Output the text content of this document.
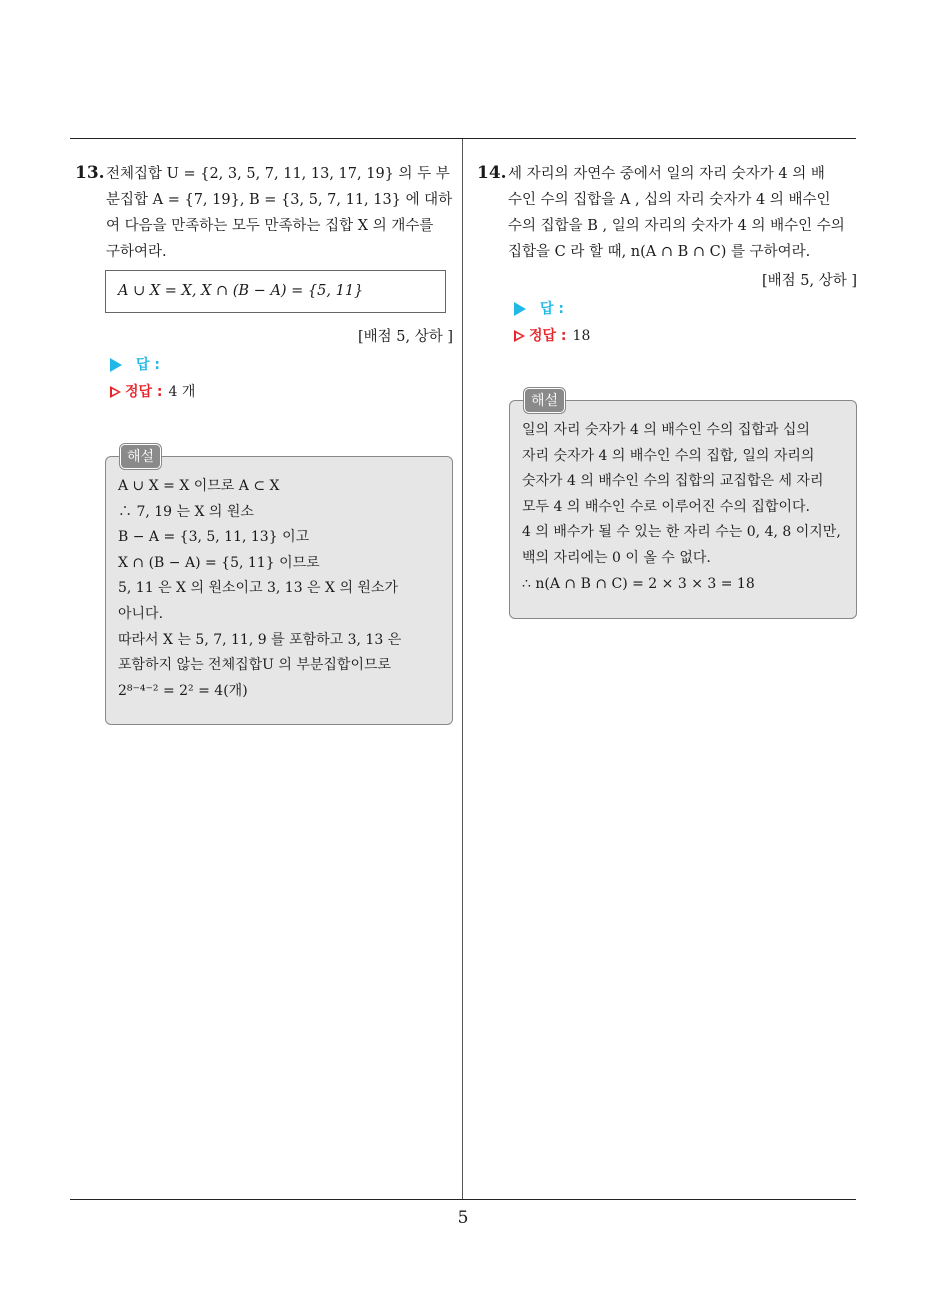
5
13. 전체집합 U = {2, 3, 5, 7, 11, 13, 17, 19} 의 두 부
분집합 A = {7, 19}, B = {3, 5, 7, 11, 13} 에 대하
여 다음을 만족하는 모두 만족하는 집합 X 의 개수를
구하여라.
A ∪ X = X, X ∩ (B − A) = {5, 11}
[배점 5, 상하 ]
답 :
정답 : 4 개
해설
A ∪ X = X 이므로 A ⊂ X
∴ 7, 19 는 X 의 원소
B − A = {3, 5, 11, 13} 이고
X ∩ (B − A) = {5, 11} 이므로
5, 11 은 X 의 원소이고 3, 13 은 X 의 원소가
아니다.
따라서 X 는 5, 7, 11, 9 를 포함하고 3, 13 은
포함하지 않는 전체집합U 의 부분집합이므로
2⁸⁻⁴⁻² = 2² = 4(개)
14. 세 자리의 자연수 중에서 일의 자리 숫자가 4 의 배
수인 수의 집합을 A , 십의 자리 숫자가 4 의 배수인
수의 집합을 B , 일의 자리의 숫자가 4 의 배수인 수의
집합을 C 라 할 때, n(A ∩ B ∩ C) 를 구하여라.
[배점 5, 상하 ]
답 :
정답 : 18
해설
일의 자리 숫자가 4 의 배수인 수의 집합과 십의
자리 숫자가 4 의 배수인 수의 집합, 일의 자리의
숫자가 4 의 배수인 수의 집합의 교집합은 세 자리
모두 4 의 배수인 수로 이루어진 수의 집합이다.
4 의 배수가 될 수 있는 한 자리 수는 0, 4, 8 이지만,
백의 자리에는 0 이 올 수 없다.
∴ n(A ∩ B ∩ C) = 2 × 3 × 3 = 18
